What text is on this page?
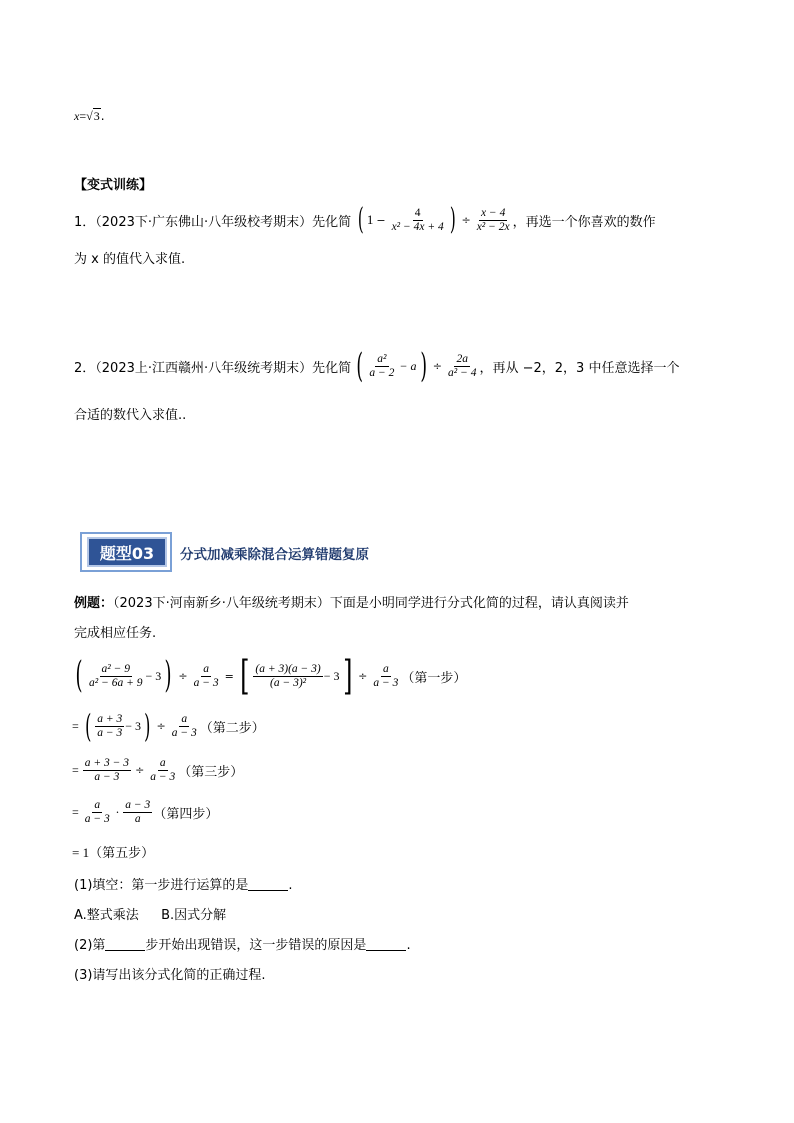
x = √ 3 .
【变式训练】
1．（2023下·广东佛山·八年级校考期末）先化简 ( $1 - \frac{4}{\text{x² − 4x + 4}}$ ) ÷ $\frac{x - 4}{\text{x² − 2x}}$ ，再选一个你喜欢的数作
为 x 的值代入求值.
2．（2023上·江西赣州·八年级统考期末）先化简 ( $\frac{\text{a²}}{a - 2} - a$ ) ÷ $\frac{2a}{\text{a² − 4}}$ ，再从 −2，2，3 中任意选择一个
合适的数代入求值..
题型03	分式加减乘除混合运算错题复原
例题：（2023下·河南新乡·八年级统考期末）下面是小明同学进行分式化简的过程，请认真阅读并
完成相应任务.
( $\frac{\text{a² − 9}}{\text{a² − 6a + 9}} - 3$ ) ÷ $\frac{a}{a - 3}$ = [ $\frac{(a + 3)(a - 3)}{\text{(a − 3)²}} - 3$ ] ÷ $\frac{a}{a - 3}$ （第一步）
= ( $\frac{a + 3}{a - 3} - 3$ ) ÷ $\frac{a}{a - 3}$ （第二步）
= $\frac{a + 3 - 3}{a - 3} \div \frac{a}{a - 3}$ （第三步）
= $\frac{a}{a - 3} \cdot \frac{a - 3}{a}$ （第四步）
= 1（第五步）
(1)填空：第一步进行运算的是	.
A.整式乘法 B.因式分解
(2)第	步开始出现错误，这一步错误的原因是	.
(3)请写出该分式化简的正确过程.
